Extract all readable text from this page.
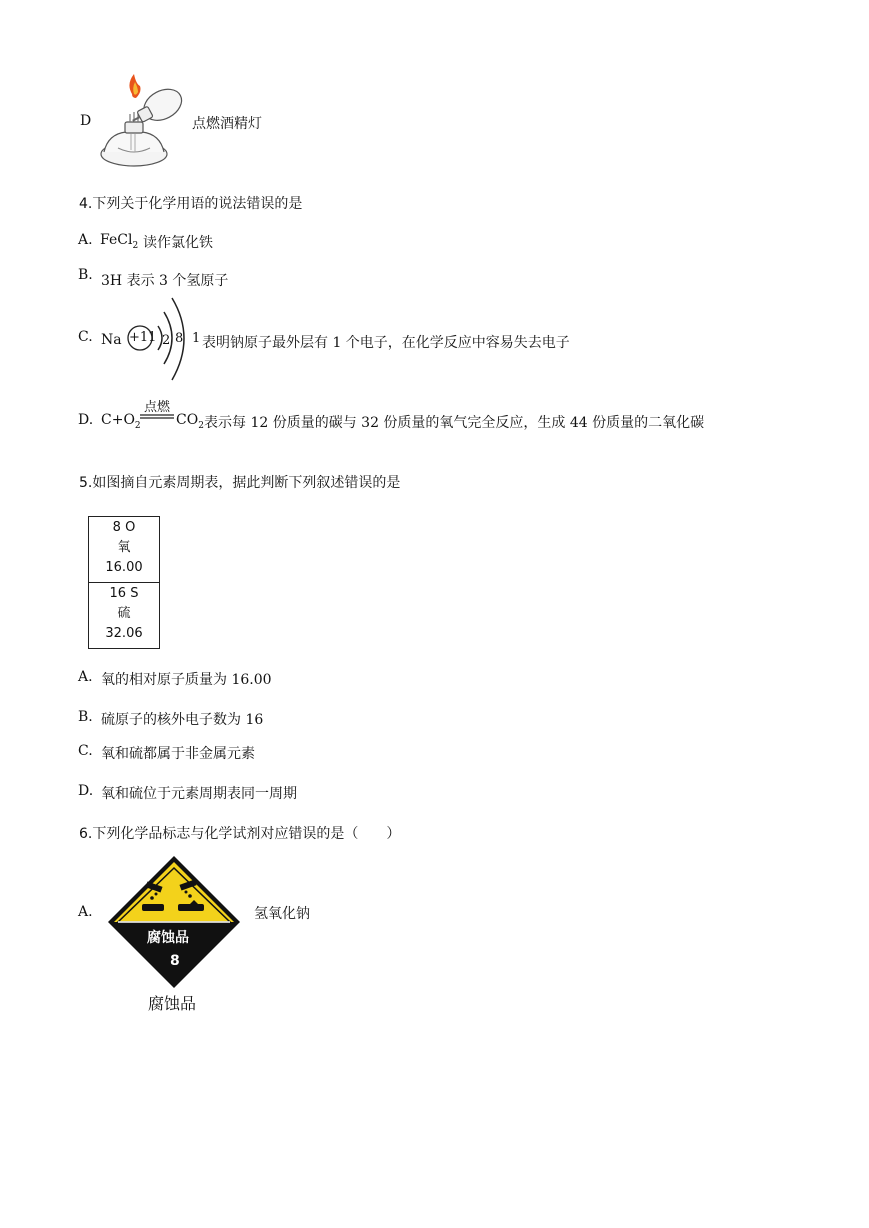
D	点燃酒精灯
4.下列关于化学用语的说法错误的是
A. FeCl$_2$ 读作氯化铁
B. 3H 表示 3 个氢原子
C. Na +11 2 8 1 表明钠原子最外层有 1 个电子，在化学反应中容易失去电子
D. $C+O_2$
点燃
$CO_2$ 表示每 12 份质量的碳与 32 份质量的氧气完全反应，生成 44 份质量的二氧化碳
5.如图摘自元素周期表，据此判断下列叙述错误的是
8 O
氧
16.00
16 S
硫
32.06
A. 氧的相对原子质量为 16.00
B. 硫原子的核外电子数为 16
C. 氧和硫都属于非金属元素
D. 氧和硫位于元素周期表同一周期
6.下列化学品标志与化学试剂对应错误的是（　　）
A.
腐蚀品
8
腐蚀品
氢氧化钠
